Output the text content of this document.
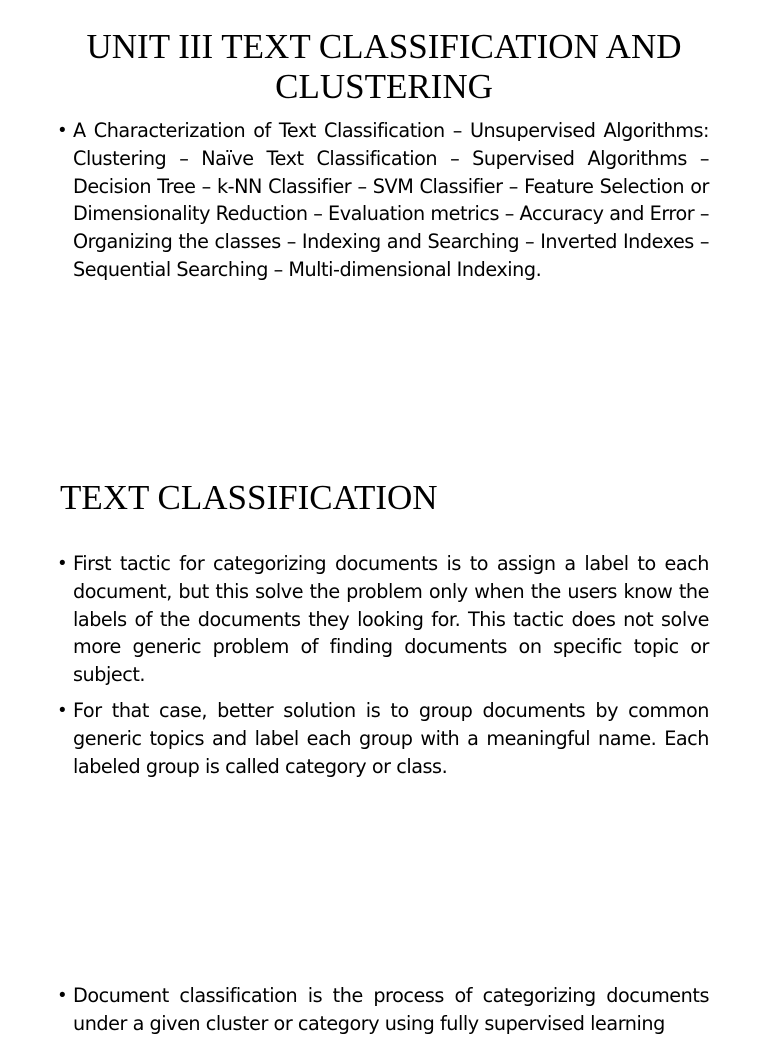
UNIT III TEXT CLASSIFICATION AND CLUSTERING
• A Characterization of Text Classification – Unsupervised Algorithms: Clustering – Naïve Text Classification – Supervised Algorithms – Decision Tree – k-NN Classifier – SVM Classifier – Feature Selection or Dimensionality Reduction – Evaluation metrics – Accuracy and Error – Organizing the classes – Indexing and Searching – Inverted Indexes – Sequential Searching – Multi-dimensional Indexing.
TEXT CLASSIFICATION
• First tactic for categorizing documents is to assign a label to each document, but this solve the problem only when the users know the labels of the documents they looking for. This tactic does not solve more generic problem of finding documents on specific topic or subject.
• For that case, better solution is to group documents by common generic topics and label each group with a meaningful name. Each labeled group is called category or class.
• Document classification is the process of categorizing documents under a given cluster or category using fully supervised learning
